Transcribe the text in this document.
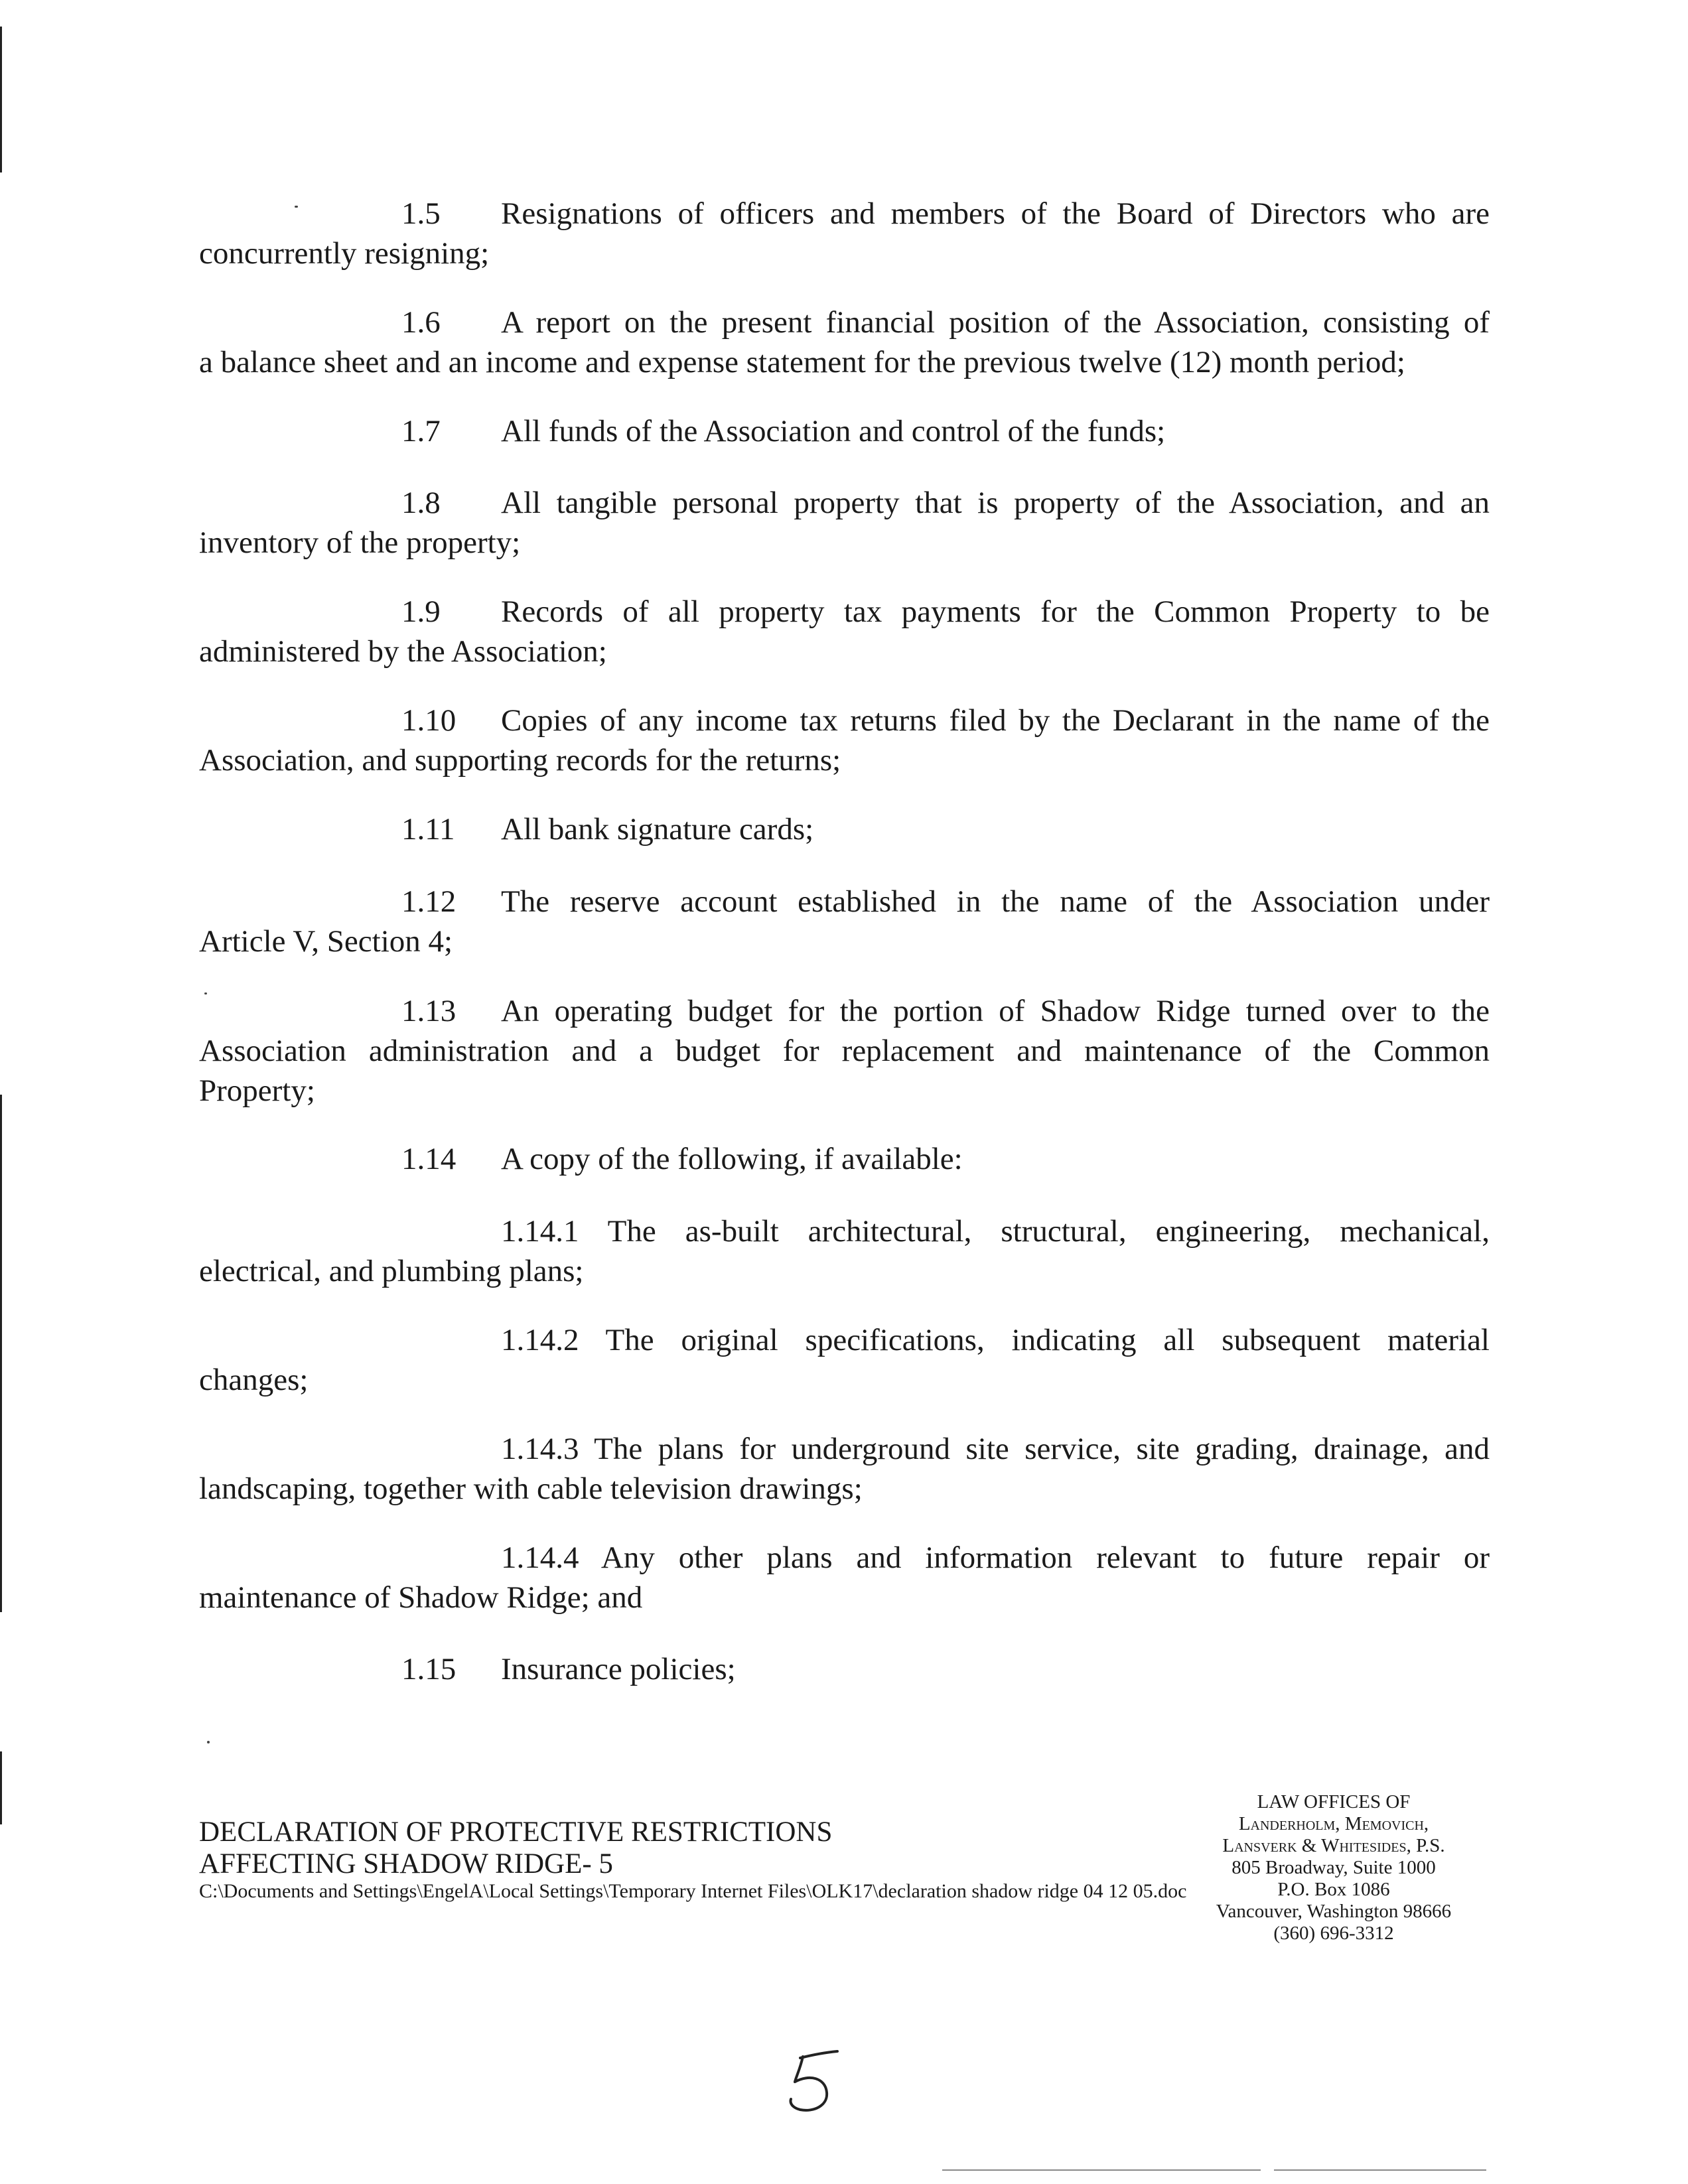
1.5 Resignations of officers and members of the Board of Directors who are
concurrently resigning;
1.6 A report on the present financial position of the Association, consisting of
a balance sheet and an income and expense statement for the previous twelve (12) month period;
1.7 All funds of the Association and control of the funds;
1.8 All tangible personal property that is property of the Association, and an
inventory of the property;
1.9 Records of all property tax payments for the Common Property to be
administered by the Association;
1.10 Copies of any income tax returns filed by the Declarant in the name of the
Association, and supporting records for the returns;
1.11 All bank signature cards;
1.12 The reserve account established in the name of the Association under
Article V, Section 4;
1.13 An operating budget for the portion of Shadow Ridge turned over to the
Association administration and a budget for replacement and maintenance of the Common
Property;
1.14 A copy of the following, if available:
1.14.1 The as-built architectural, structural, engineering, mechanical,
electrical, and plumbing plans;
1.14.2 The original specifications, indicating all subsequent material
changes;
1.14.3 The plans for underground site service, site grading, drainage, and
landscaping, together with cable television drawings;
1.14.4 Any other plans and information relevant to future repair or
maintenance of Shadow Ridge; and
1.15 Insurance policies;
DECLARATION OF PROTECTIVE RESTRICTIONS
AFFECTING SHADOW RIDGE- 5
C:\Documents and Settings\EngelA\Local Settings\Temporary Internet Files\OLK17\declaration shadow ridge 04 12 05.doc
LAW OFFICES OF
Landerholm, Memovich,
Lansverk & Whitesides, P.S.
805 Broadway, Suite 1000
P.O. Box 1086
Vancouver, Washington 98666
(360) 696-3312
